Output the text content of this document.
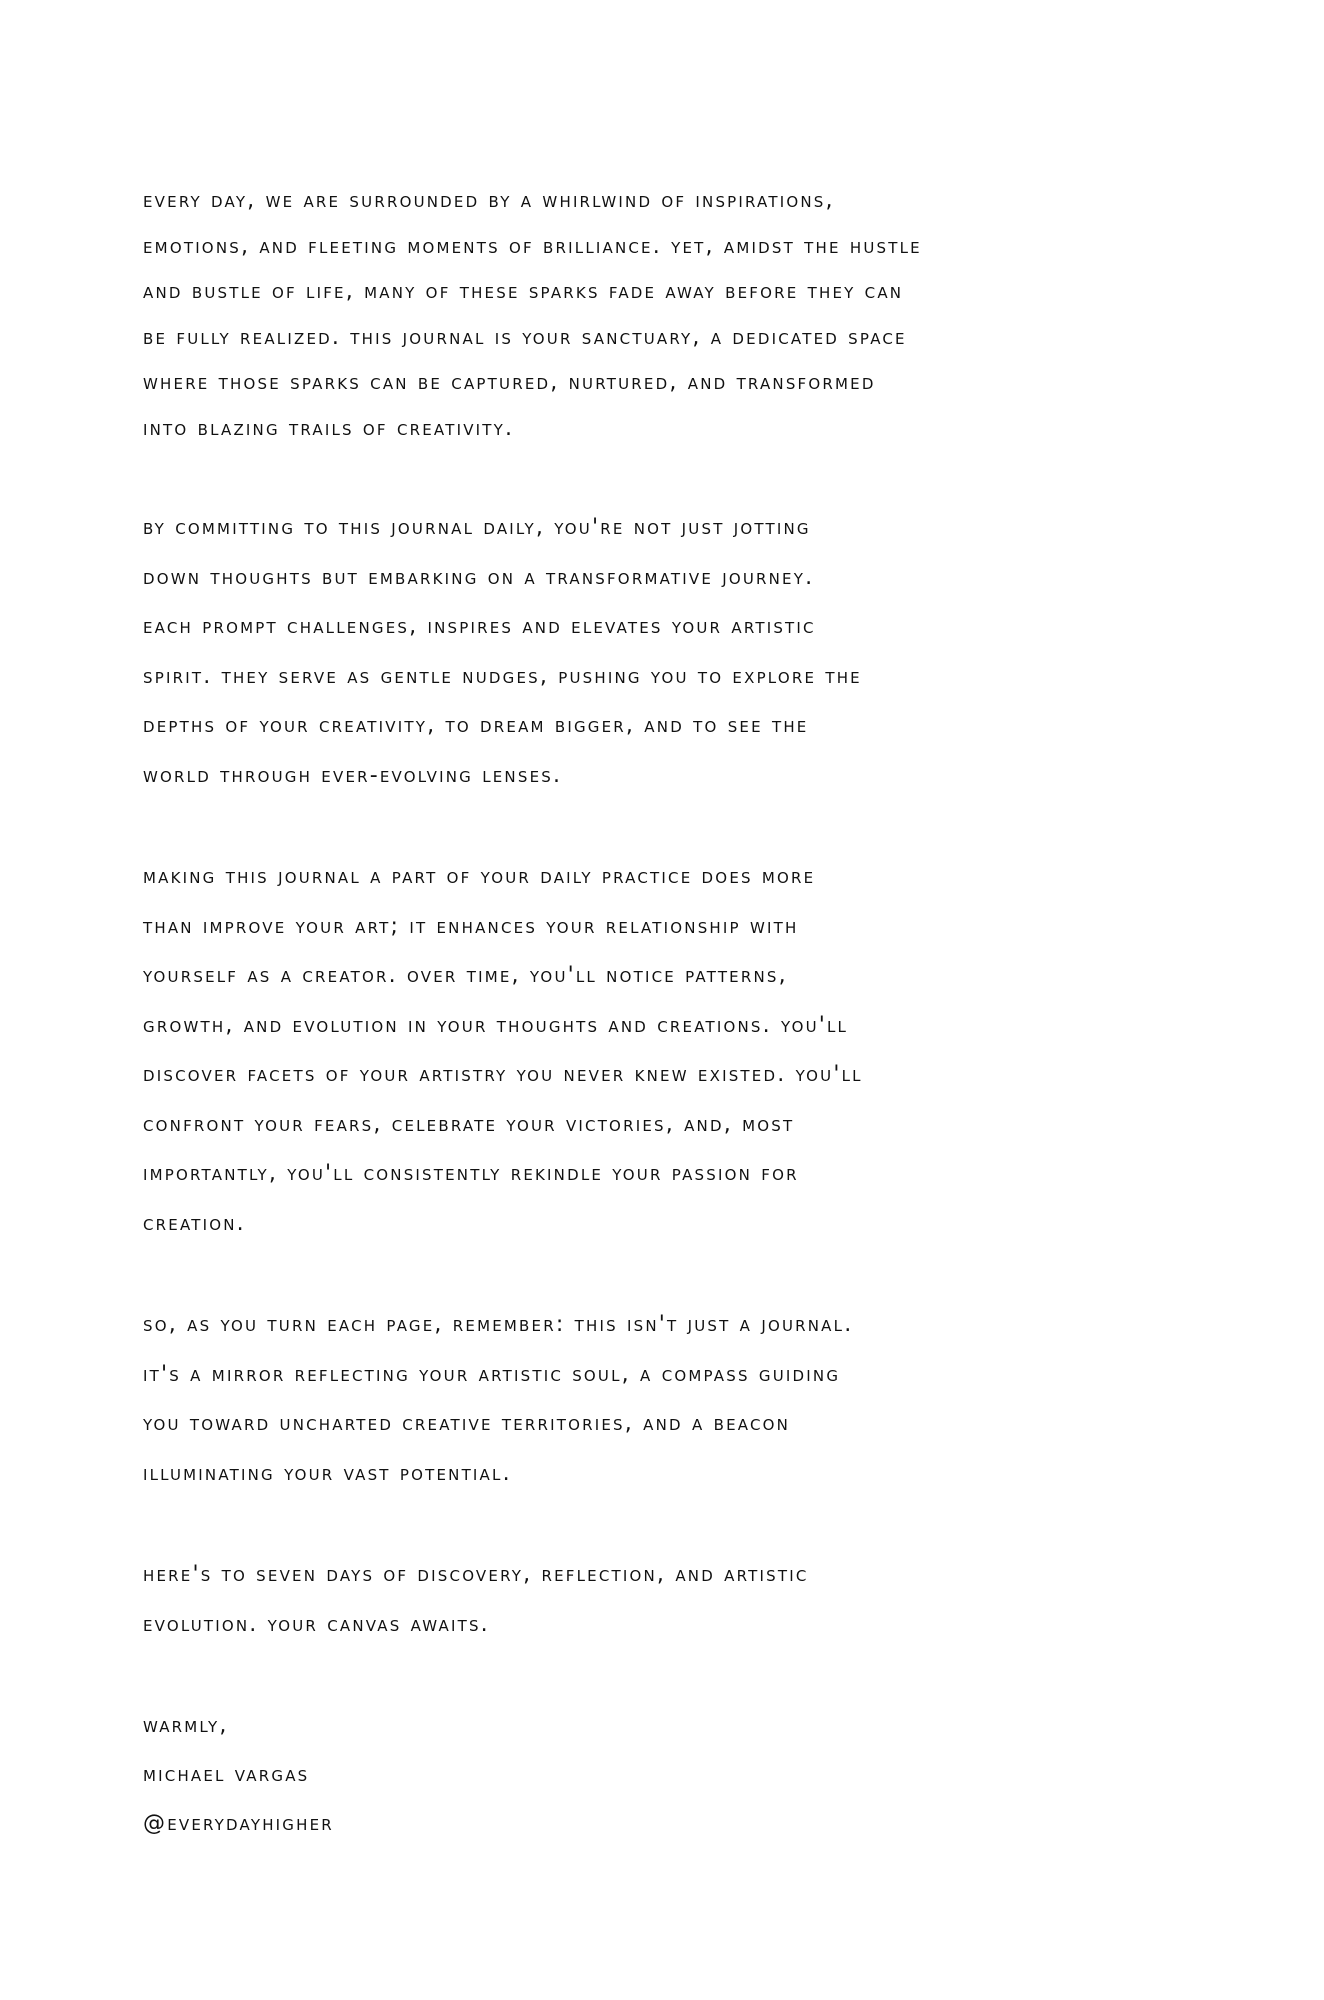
every day, we are surrounded by a whirlwind of inspirations,

emotions, and fleeting moments of brilliance. yet, amidst the hustle

and bustle of life, many of these sparks fade away before they can

be fully realized. this journal is your sanctuary, a dedicated space

where those sparks can be captured, nurtured, and transformed

into blazing trails of creativity.

by committing to this journal daily, you're not just jotting

down thoughts but embarking on a transformative journey.

each prompt challenges, inspires and elevates your artistic

spirit. they serve as gentle nudges, pushing you to explore the

depths of your creativity, to dream bigger, and to see the

world through ever-evolving lenses.

making this journal a part of your daily practice does more

than improve your art; it enhances your relationship with

yourself as a creator. over time, you'll notice patterns,

growth, and evolution in your thoughts and creations. you'll

discover facets of your artistry you never knew existed. you'll

confront your fears, celebrate your victories, and, most

importantly, you'll consistently rekindle your passion for

creation.

so, as you turn each page, remember: this isn't just a journal.

it's a mirror reflecting your artistic soul, a compass guiding

you toward uncharted creative territories, and a beacon

illuminating your vast potential.

here's to seven days of discovery, reflection, and artistic

evolution. your canvas awaits.

warmly,

michael vargas

@everydayhigher
